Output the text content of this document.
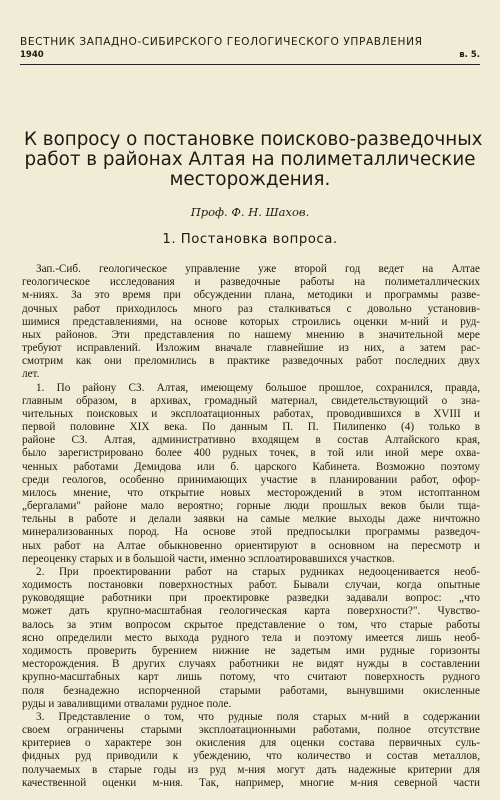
ВЕСТНИК ЗАПАДНО-СИБИРСКОГО ГЕОЛОГИЧЕСКОГО УПРАВЛЕНИЯ
1940	в. 5.
К вопросу о постановке поисково-разведочных
работ в районах Алтая на полиметаллические
месторождения.
Проф. Ф. Н. Шахов.
1. Постановка вопроса.
Зап.-Сиб. геологическое управление уже второй год ведет на Алтае
геологическое исследования и разведочные работы на полиметаллических
м-ниях. За это время при обсуждении плана, методики и программы разве-
дочных работ приходилось много раз сталкиваться с довольно установив-
шимися представлениями, на основе которых строились оценки м-ний и руд-
ных районов. Эти представления по нашему мнению в значительной мере
требуют исправлений. Изложим вначале главнейшие из них, а затем рас-
смотрим как они преломились в практике разведочных работ последних двух
лет.
1. По району СЗ. Алтая, имеющему большое прошлое, сохранился, правда,
главным образом, в архивах, громадный материал, свидетельствующий о зна-
чительных поисковых и эксплоатационных работах, проводившихся в XVIII и
первой половине XIX века. По данным П. П. Пилипенко (4) только в
районе СЗ. Алтая, административно входящем в состав Алтайского края,
было зарегистрировано более 400 рудных точек, в той или иной мере охва-
ченных работами Демидова или б. царского Кабинета. Возможно поэтому
среди геологов, особенно принимающих участие в планировании работ, офор-
милось мнение, что открытие новых месторождений в этом истоптанном
„бергалами" районе мало вероятно; горные люди прошлых веков были тща-
тельны в работе и делали заявки на самые мелкие выходы даже ничтожно
минерализованных пород. На основе этой предпосылки программы разведоч-
ных работ на Алтае обыкновенно ориентируют в основном на пересмотр и
переоценку старых и в большой части, именно эсплоатировавшихся участков.
2. При проектировании работ на старых рудниках недооценивается необ-
ходимость постановки поверхностных работ. Бывали случаи, когда опытные
руководящие работники при проектировке разведки задавали вопрос: „что
может дать крупно-масштабная геологическая карта поверхности?". Чувство-
валось за этим вопросом скрытое представление о том, что старые работы
ясно определили место выхода рудного тела и поэтому имеется лишь необ-
ходимость проверить бурением нижние не задетым ими рудные горизонты
месторождения. В других случаях работники не видят нужды в составлении
крупно-масштабных карт лишь потому, что считают поверхность рудного
поля безнадежно испорченной старыми работами, вынувшими окисленные
руды и заваливщими отвалами рудное поле.
3. Представление о том, что рудные поля старых м-ний в содержании
своем ограничены старыми эксплоатационными работами, полное отсутствие
критериев о характере зон окисления для оценки состава первичных суль-
фидных руд приводили к убеждению, что количество и состав металлов,
получаемых в старые годы из руд м-ния могут дать надежные критерии для
качественной оценки м-ния. Так, например, многие м-ния северной части
